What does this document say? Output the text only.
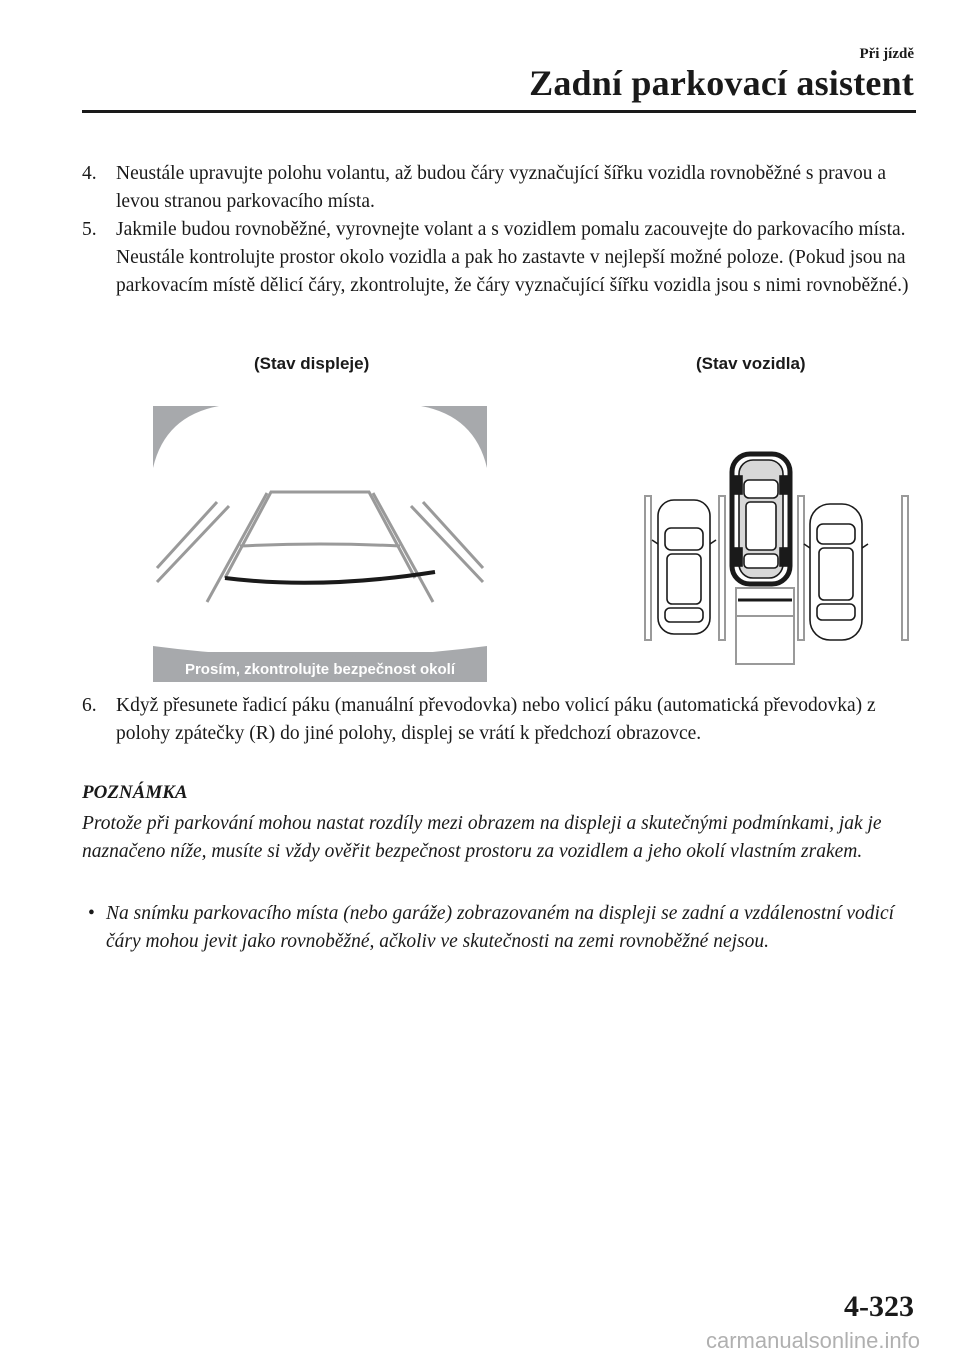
Při jízdě
Zadní parkovací asistent
4. Neustále upravujte polohu volantu, až budou čáry vyznačující šířku vozidla rovnoběžné s pravou a levou stranou parkovacího místa.
5. Jakmile budou rovnoběžné, vyrovnejte volant a s vozidlem pomalu zacouvejte do parkovacího místa. Neustále kontrolujte prostor okolo vozidla a pak ho zastavte v nejlepší možné poloze. (Pokud jsou na parkovacím místě dělicí čáry, zkontrolujte, že čáry vyznačující šířku vozidla jsou s nimi rovnoběžné.)
(Stav displeje)	(Stav vozidla)
Prosím, zkontrolujte bezpečnost okolí
6. Když přesunete řadicí páku (manuální převodovka) nebo volicí páku (automatická převodovka) z polohy zpátečky (R) do jiné polohy, displej se vrátí k předchozí obrazovce.
POZNÁMKA

Protože při parkování mohou nastat rozdíly mezi obrazem na displeji a skutečnými podmínkami, jak je naznačeno níže, musíte si vždy ověřit bezpečnost prostoru za vozidlem a jeho okolí vlastním zrakem.

• Na snímku parkovacího místa (nebo garáže) zobrazovaném na displeji se zadní a vzdálenostní vodicí čáry mohou jevit jako rovnoběžné, ačkoliv ve skutečnosti na zemi rovnoběžné nejsou.
4-323
carmanualsonline.info
